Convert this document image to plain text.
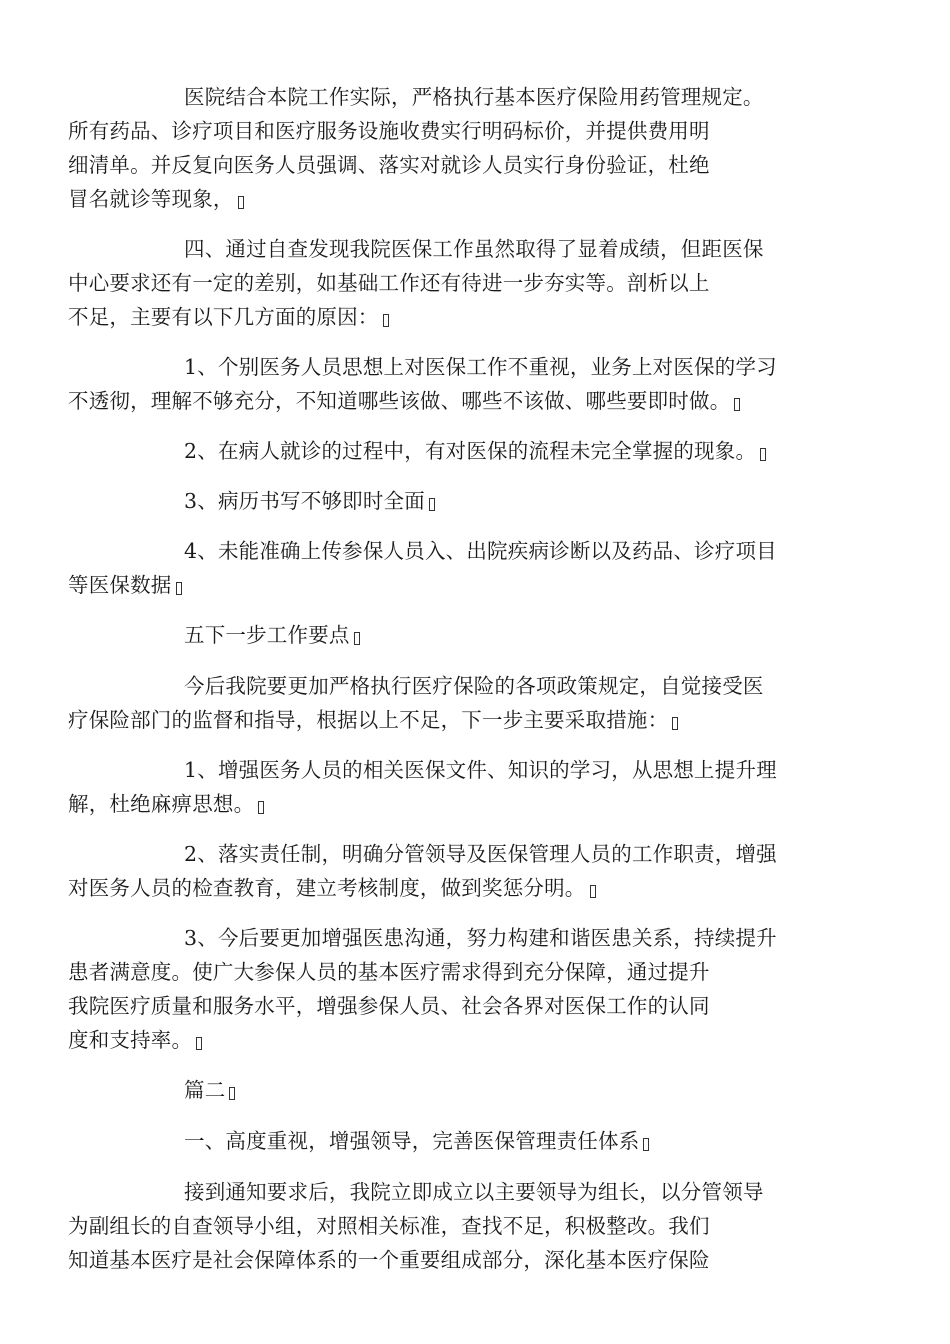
医院结合本院工作实际，严格执行基本医疗保险用药管理规定。
所有药品、诊疗项目和医疗服务设施收费实行明码标价，并提供费用明
细清单。并反复向医务人员强调、落实对就诊人员实行身份验证，杜绝
冒名就诊等现象，

四、通过自查发现我院医保工作虽然取得了显着成绩，但距医保
中心要求还有一定的差别，如基础工作还有待进一步夯实等。剖析以上
不足，主要有以下几方面的原因：

1、个别医务人员思想上对医保工作不重视，业务上对医保的学习
不透彻，理解不够充分，不知道哪些该做、哪些不该做、哪些要即时做。

2、在病人就诊的过程中，有对医保的流程未完全掌握的现象。

3、病历书写不够即时全面

4、未能准确上传参保人员入、出院疾病诊断以及药品、诊疗项目
等医保数据

五下一步工作要点

今后我院要更加严格执行医疗保险的各项政策规定，自觉接受医
疗保险部门的监督和指导，根据以上不足，下一步主要采取措施：

1、增强医务人员的相关医保文件、知识的学习，从思想上提升理
解，杜绝麻痹思想。

2、落实责任制，明确分管领导及医保管理人员的工作职责，增强
对医务人员的检查教育，建立考核制度，做到奖惩分明。

3、今后要更加增强医患沟通，努力构建和谐医患关系，持续提升
患者满意度。使广大参保人员的基本医疗需求得到充分保障，通过提升
我院医疗质量和服务水平，增强参保人员、社会各界对医保工作的认同
度和支持率。

篇二

一、高度重视，增强领导，完善医保管理责任体系

接到通知要求后，我院立即成立以主要领导为组长，以分管领导
为副组长的自查领导小组，对照相关标准，查找不足，积极整改。我们
知道基本医疗是社会保障体系的一个重要组成部分，深化基本医疗保险
